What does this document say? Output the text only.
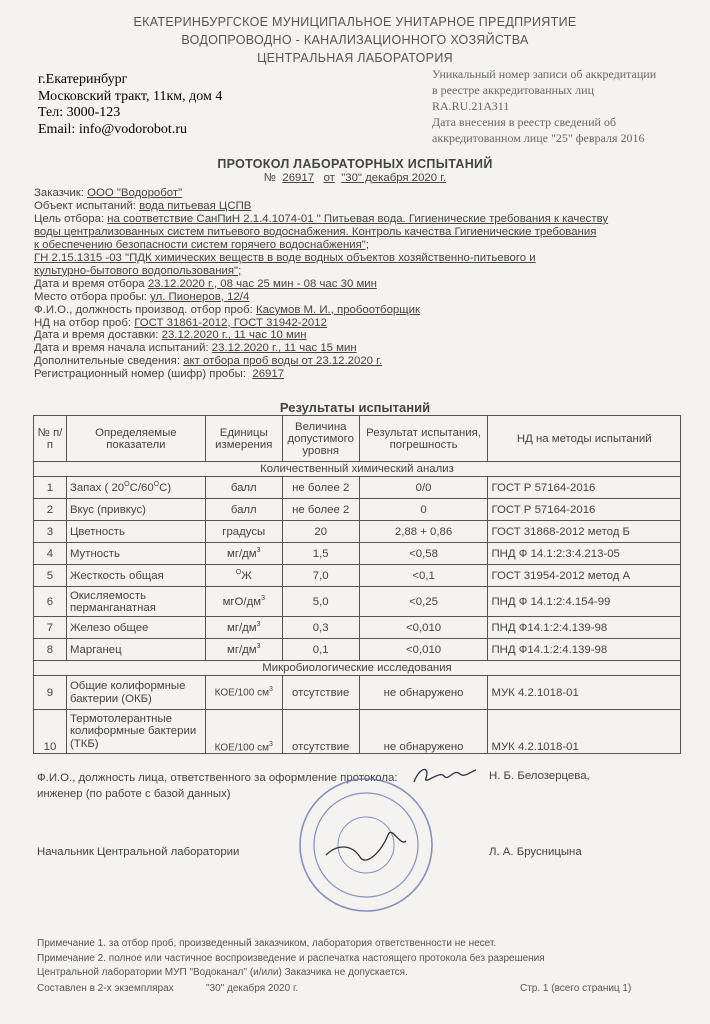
ЕКАТЕРИНБУРГСКОЕ МУНИЦИПАЛЬНОЕ УНИТАРНОЕ ПРЕДПРИЯТИЕ
ВОДОПРОВОДНО - КАНАЛИЗАЦИОННОГО ХОЗЯЙСТВА
ЦЕНТРАЛЬНАЯ ЛАБОРАТОРИЯ
г.Екатеринбург
Московский тракт, 11км, дом 4
Тел: 3000-123
Email: info@vodorobot.ru
Уникальный номер записи об аккредитации
в реестре аккредитованных лиц
RA.RU.21АЗ11
Дата внесения в реестр сведений об
аккредитованном лице "25" февраля 2016
ПРОТОКОЛ ЛАБОРАТОРНЫХ ИСПЫТАНИЙ
№ 26917 от "30" декабря 2020 г.
Заказчик: ООО "Водоробот"
Объект испытаний: вода питьевая ЦСПВ
Цель отбора: на соответствие СанПиН 2.1.4.1074-01 " Питьевая вода. Гигиенические требования к качеству
воды централизованных систем питьевого водоснабжения. Контроль качества Гигиенические требования
к обеспечению безопасности систем горячего водоснабжения";
ГН 2.15.1315 -03 "ПДК химических веществ в воде водных объектов хозяйственно-питьевого и
культурно-бытового водопользования";
Дата и время отбора 23.12.2020 г., 08 час 25 мин - 08 час 30 мин
Место отбора пробы: ул. Пионеров, 12/4
Ф.И.О., должность производ. отбор проб: Касумов М. И., пробоотборщик
НД на отбор проб: ГОСТ 31861-2012, ГОСТ 31942-2012
Дата и время доставки: 23.12.2020 г., 11 час 10 мин
Дата и время начала испытаний: 23.12.2020 г., 11 час 15 мин
Дополнительные сведения: акт отбора проб воды от 23.12.2020 г.
Регистрационный номер (шифр) пробы: 26917
Результаты испытаний
№ п/п	Определяемые показатели	Единицы измерения	Величина допустимого уровня	Результат испытания, погрешность	НД на методы испытаний
Количественный химический анализ					
1	Запах ( $20^OC/60^OC$)	балл	не более 2	0/0	ГОСТ Р 57164-2016
2	Вкус (привкус)	балл	не более 2	0	ГОСТ Р 57164-2016
3	Цветность	градусы	20	2,88 + 0,86	ГОСТ 31868-2012 метод Б
4	Мутность	$мг/дм^3$	1,5	<0,58	ПНД Ф 14.1:2:3:4.213-05
5	Жесткость общая	$^O$Ж	7,0	<0,1	ГОСТ 31954-2012 метод А
6	Окисляемость
перманганатная	мгО/$дм^3$	5,0	<0,25	ПНД Ф 14.1:2:4.154-99
7	Железо общее	$мг/дм^3$	0,3	<0,010	ПНД Ф14.1:2:4.139-98
8	Марганец	$мг/дм^3$	0,1	<0,010	ПНД Ф14.1:2:4.139-98
Микробиологические исследования					
9	Общие колиформные
бактерии (ОКБ)	КОЕ/100 $см^3$	отсутствие	не обнаружено	МУК 4.2.1018-01
10	Термотолерантные
колиформные бактерии
(ТКБ)	КОЕ/100 $см^3$	отсутствие	не обнаружено	МУК 4.2.1018-01
Ф.И.О., должность лица, ответственного за оформление протокола:
инженер (по работе с базой данных)
Н. Б. Белозерцева,
Начальник Центральной лаборатории	Л. А. Брусницына
Примечание 1. за отбор проб, произведенный заказчиком, лаборатория ответственности не несет.
Примечание 2. полное или частичное воспроизведение и распечатка настоящего протокола без разрешения
Центральной лаборатории МУП "Водоканал" (и/или) Заказчика не допускается.
Составлен в 2-х экземплярах	"30" декабря 2020 г.	Стр. 1 (всего страниц 1)
